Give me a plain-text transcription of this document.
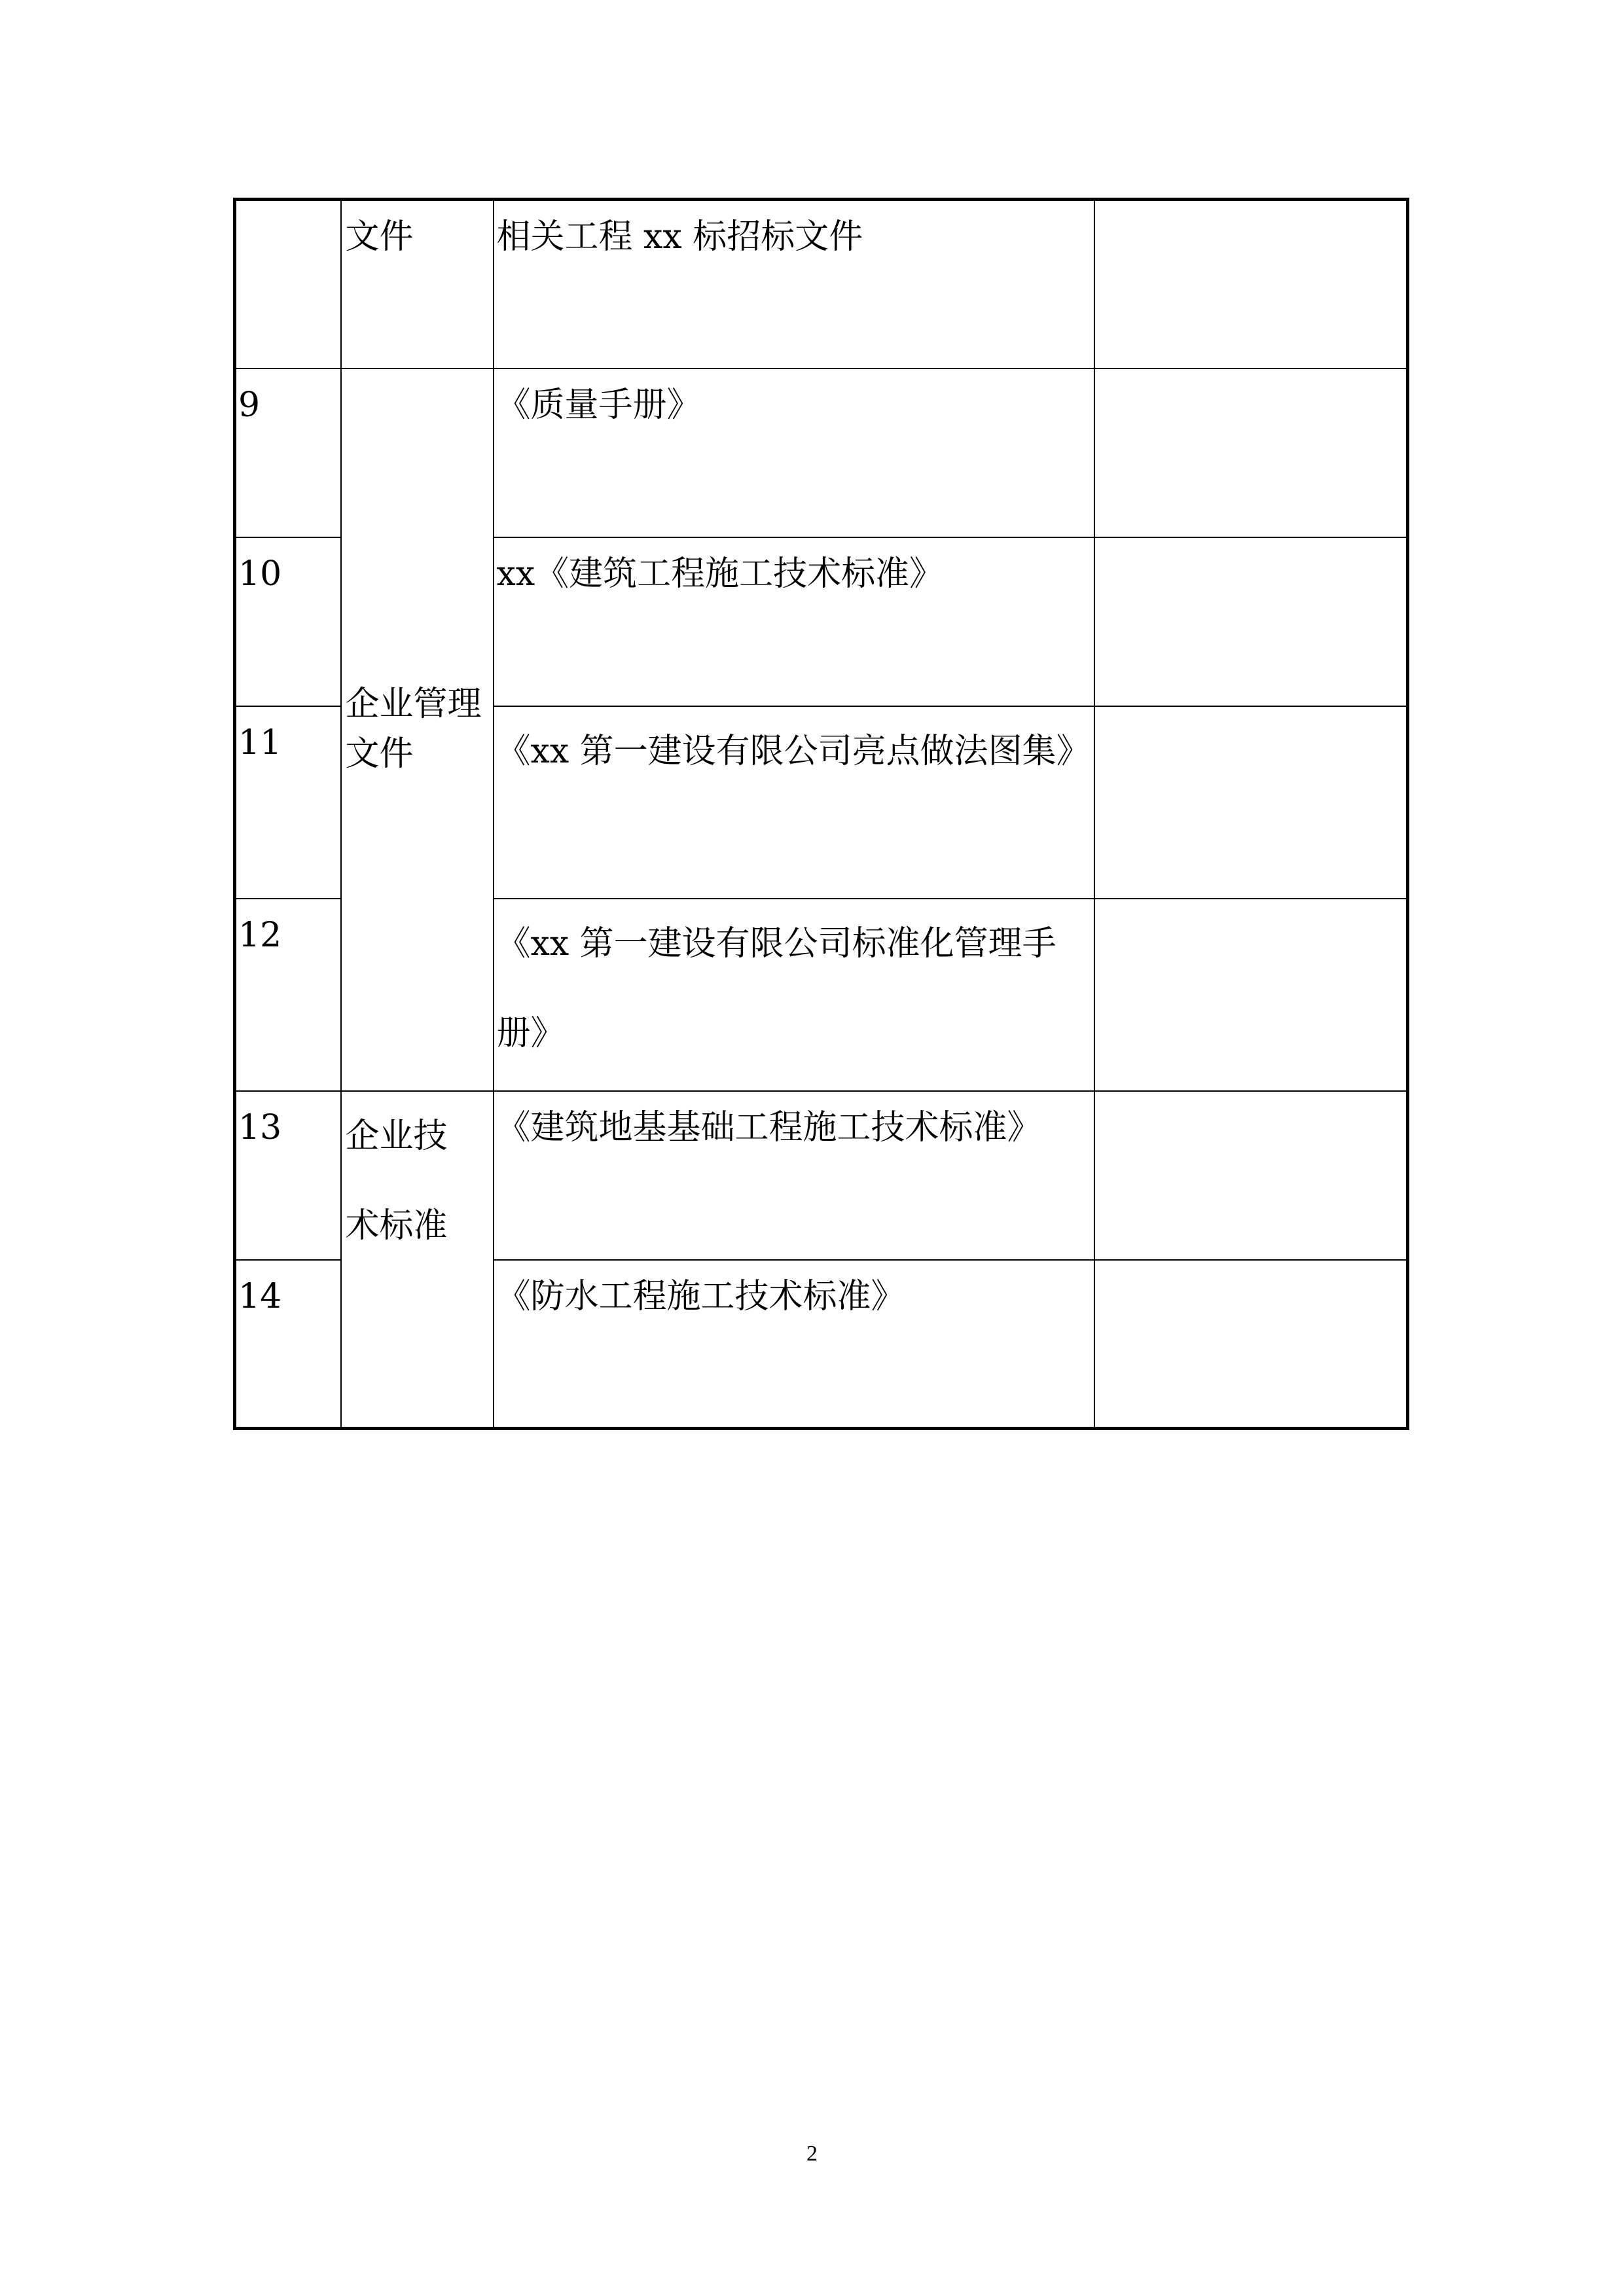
	文件	相关工程 xx 标招标文件	

9	企业管理文件	《质量手册》	

10		xx《建筑工程施工技术标准》	

11		《xx 第一建设有限公司亮点做法图集》	

12		《xx 第一建设有限公司标准化管理手册》	

13	企业技术标准	《建筑地基基础工程施工技术标准》	

14		《防水工程施工技术标准》	

2
